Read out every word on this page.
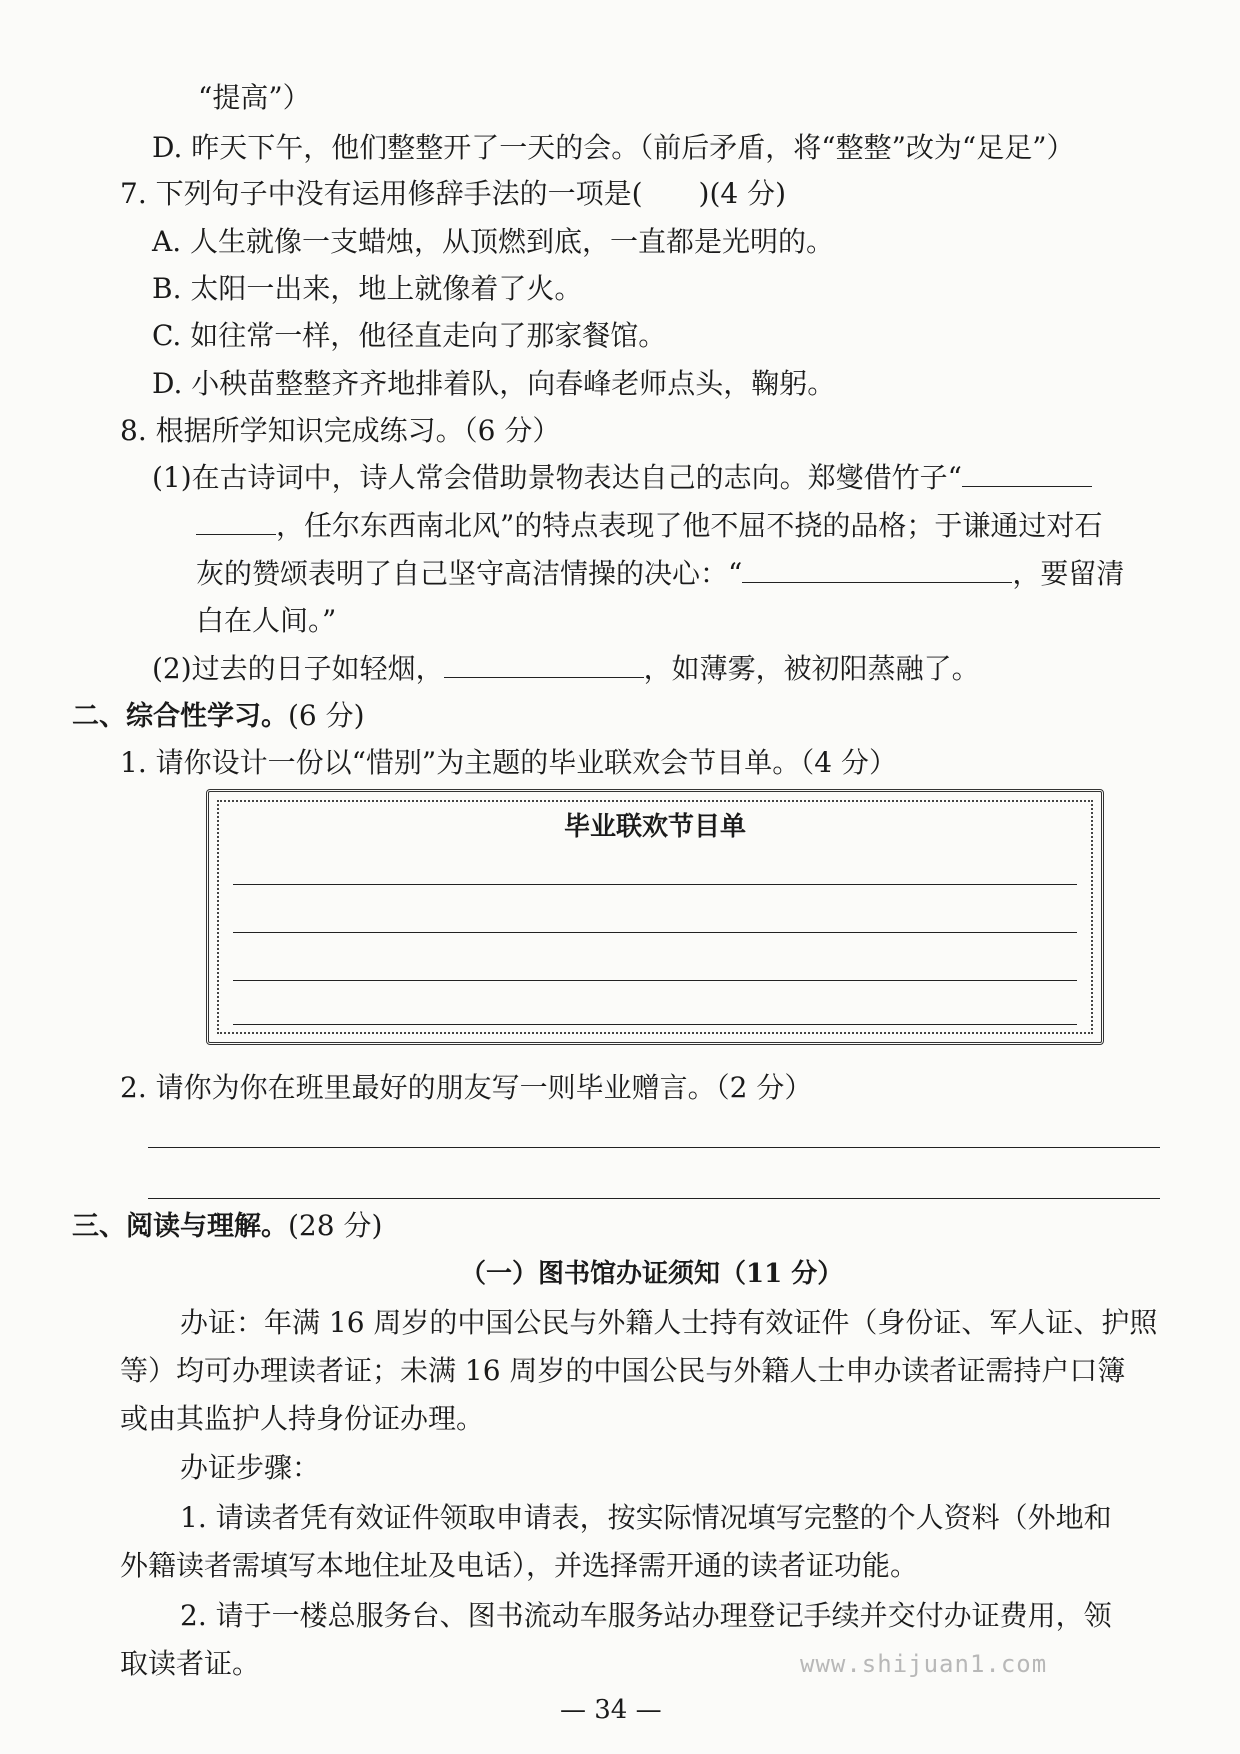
“提高”）
D. 昨天下午，他们整整开了一天的会。（前后矛盾，将“整整”改为“足足”）
7. 下列句子中没有运用修辞手法的一项是(　　)(4 分)
A. 人生就像一支蜡烛，从顶燃到底，一直都是光明的。
B. 太阳一出来，地上就像着了火。
C. 如往常一样，他径直走向了那家餐馆。
D. 小秧苗整整齐齐地排着队，向春峰老师点头，鞠躬。
8. 根据所学知识完成练习。（6 分）
(1)在古诗词中，诗人常会借助景物表达自己的志向。郑燮借竹子“
，任尔东西南北风”的特点表现了他不屈不挠的品格；于谦通过对石
灰的赞颂表明了自己坚守高洁情操的决心：“	，要留清
白在人间。”
(2)过去的日子如轻烟，	，如薄雾，被初阳蒸融了。
二、综合性学习。(6 分)
1. 请你设计一份以“惜别”为主题的毕业联欢会节目单。（4 分）
毕业联欢节目单
2. 请你为你在班里最好的朋友写一则毕业赠言。（2 分）
三、阅读与理解。(28 分)
（一）图书馆办证须知（11 分）
办证：年满 16 周岁的中国公民与外籍人士持有效证件（身份证、军人证、护照
等）均可办理读者证；未满 16 周岁的中国公民与外籍人士申办读者证需持户口簿
或由其监护人持身份证办理。
办证步骤：
1. 请读者凭有效证件领取申请表，按实际情况填写完整的个人资料（外地和
外籍读者需填写本地住址及电话），并选择需开通的读者证功能。
2. 请于一楼总服务台、图书流动车服务站办理登记手续并交付办证费用，领
取读者证。	www.shijuan1.com
— 34 —
